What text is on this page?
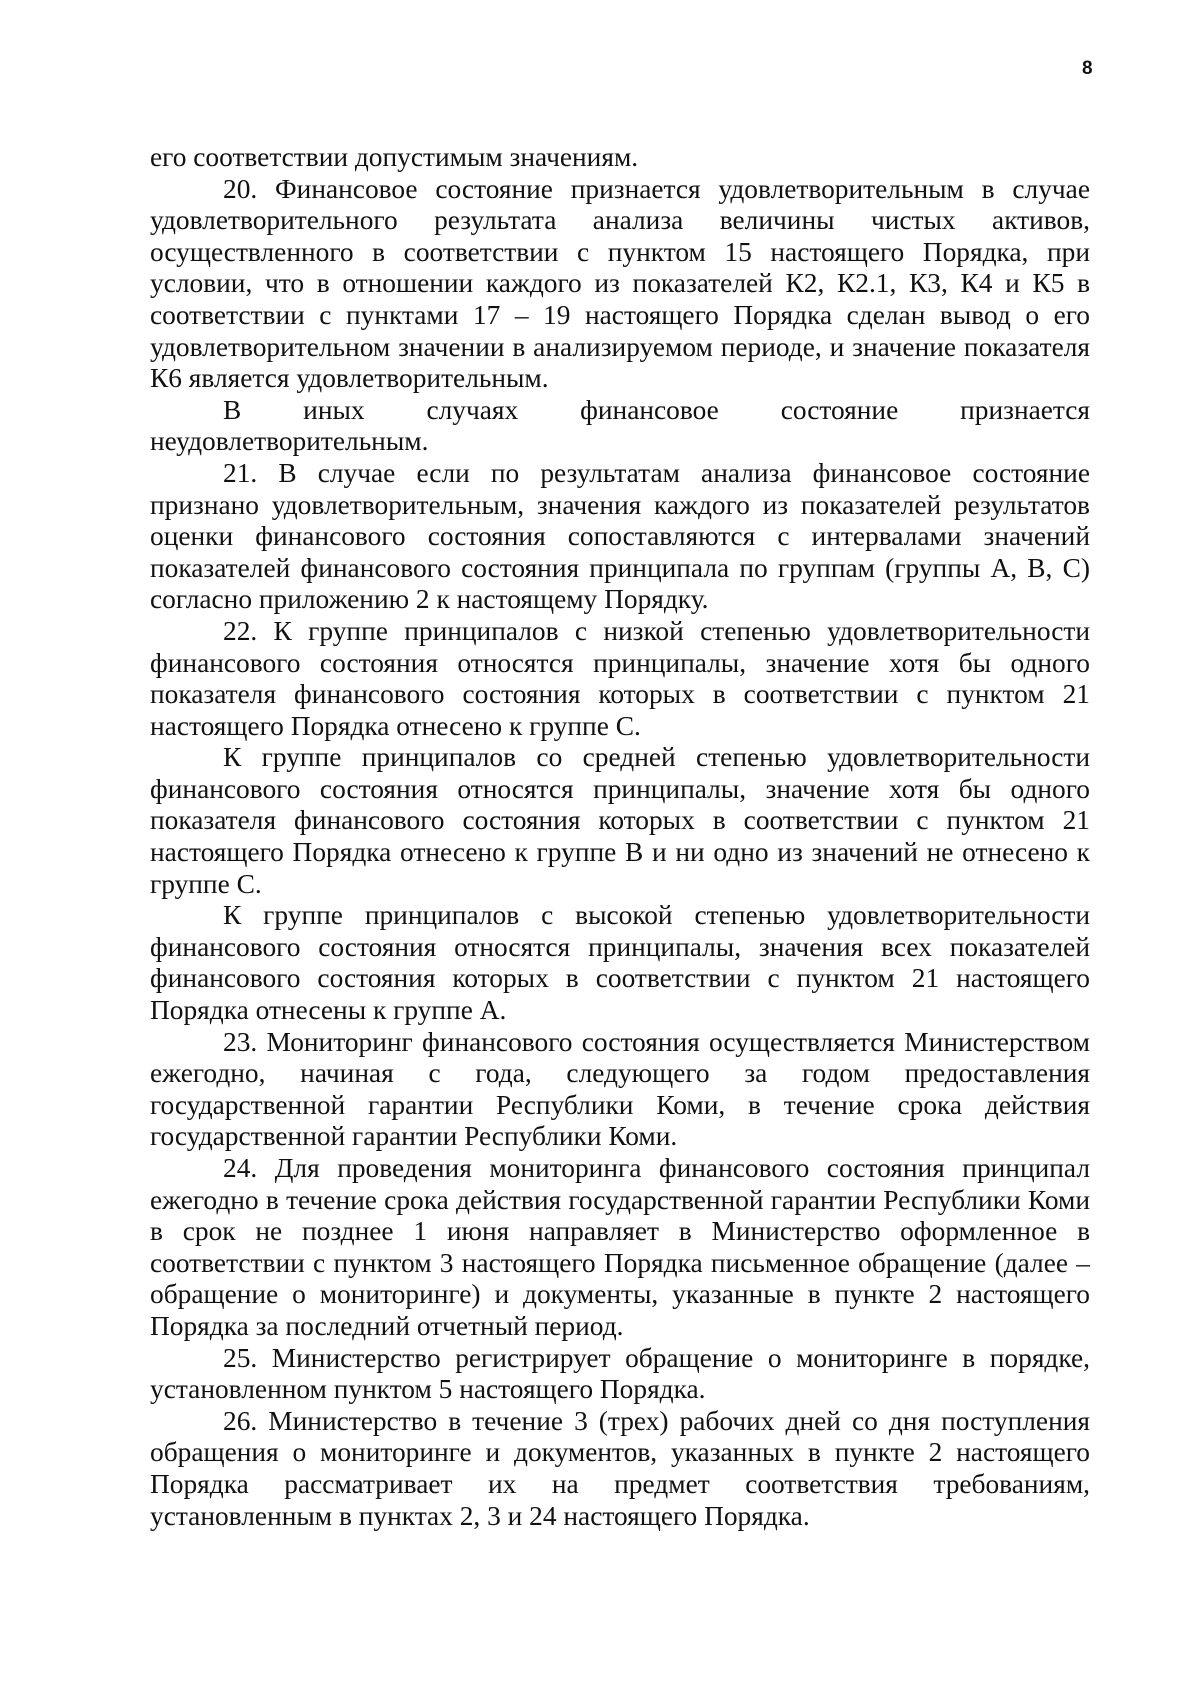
8

его соответствии допустимым значениям.

20. Финансовое состояние признается удовлетворительным в случае удовлетворительного результата анализа величины чистых активов, осуществленного в соответствии с пунктом 15 настоящего Порядка, при условии, что в отношении каждого из показателей К2, К2.1, К3, К4 и К5 в соответствии с пунктами 17 – 19 настоящего Порядка сделан вывод о его удовлетворительном значении в анализируемом периоде, и значение показателя К6 является удовлетворительным.

В иных случаях финансовое состояние признается неудовлетворительным.

21. В случае если по результатам анализа финансовое состояние признано удовлетворительным, значения каждого из показателей результатов оценки финансового состояния сопоставляются с интервалами значений показателей финансового состояния принципала по группам (группы А, В, С) согласно приложению 2 к настоящему Порядку.

22. К группе принципалов с низкой степенью удовлетворительности финансового состояния относятся принципалы, значение хотя бы одного показателя финансового состояния которых в соответствии с пунктом 21 настоящего Порядка отнесено к группе С.

К группе принципалов со средней степенью удовлетворительности финансового состояния относятся принципалы, значение хотя бы одного показателя финансового состояния которых в соответствии с пунктом 21 настоящего Порядка отнесено к группе В и ни одно из значений не отнесено к группе С.

К группе принципалов с высокой степенью удовлетворительности финансового состояния относятся принципалы, значения всех показателей финансового состояния которых в соответствии с пунктом 21 настоящего Порядка отнесены к группе А.

23. Мониторинг финансового состояния осуществляется Министерством ежегодно, начиная с года, следующего за годом предоставления государственной гарантии Республики Коми, в течение срока действия государственной гарантии Республики Коми.

24. Для проведения мониторинга финансового состояния принципал ежегодно в течение срока действия государственной гарантии Республики Коми в срок не позднее 1 июня направляет в Министерство оформленное в соответствии с пунктом 3 настоящего Порядка письменное обращение (далее – обращение о мониторинге) и документы, указанные в пункте 2 настоящего Порядка за последний отчетный период.

25. Министерство регистрирует обращение о мониторинге в порядке, установленном пунктом 5 настоящего Порядка.

26. Министерство в течение 3 (трех) рабочих дней со дня поступления обращения о мониторинге и документов, указанных в пункте 2 настоящего Порядка рассматривает их на предмет соответствия требованиям, установленным в пунктах 2, 3 и 24 настоящего Порядка.
